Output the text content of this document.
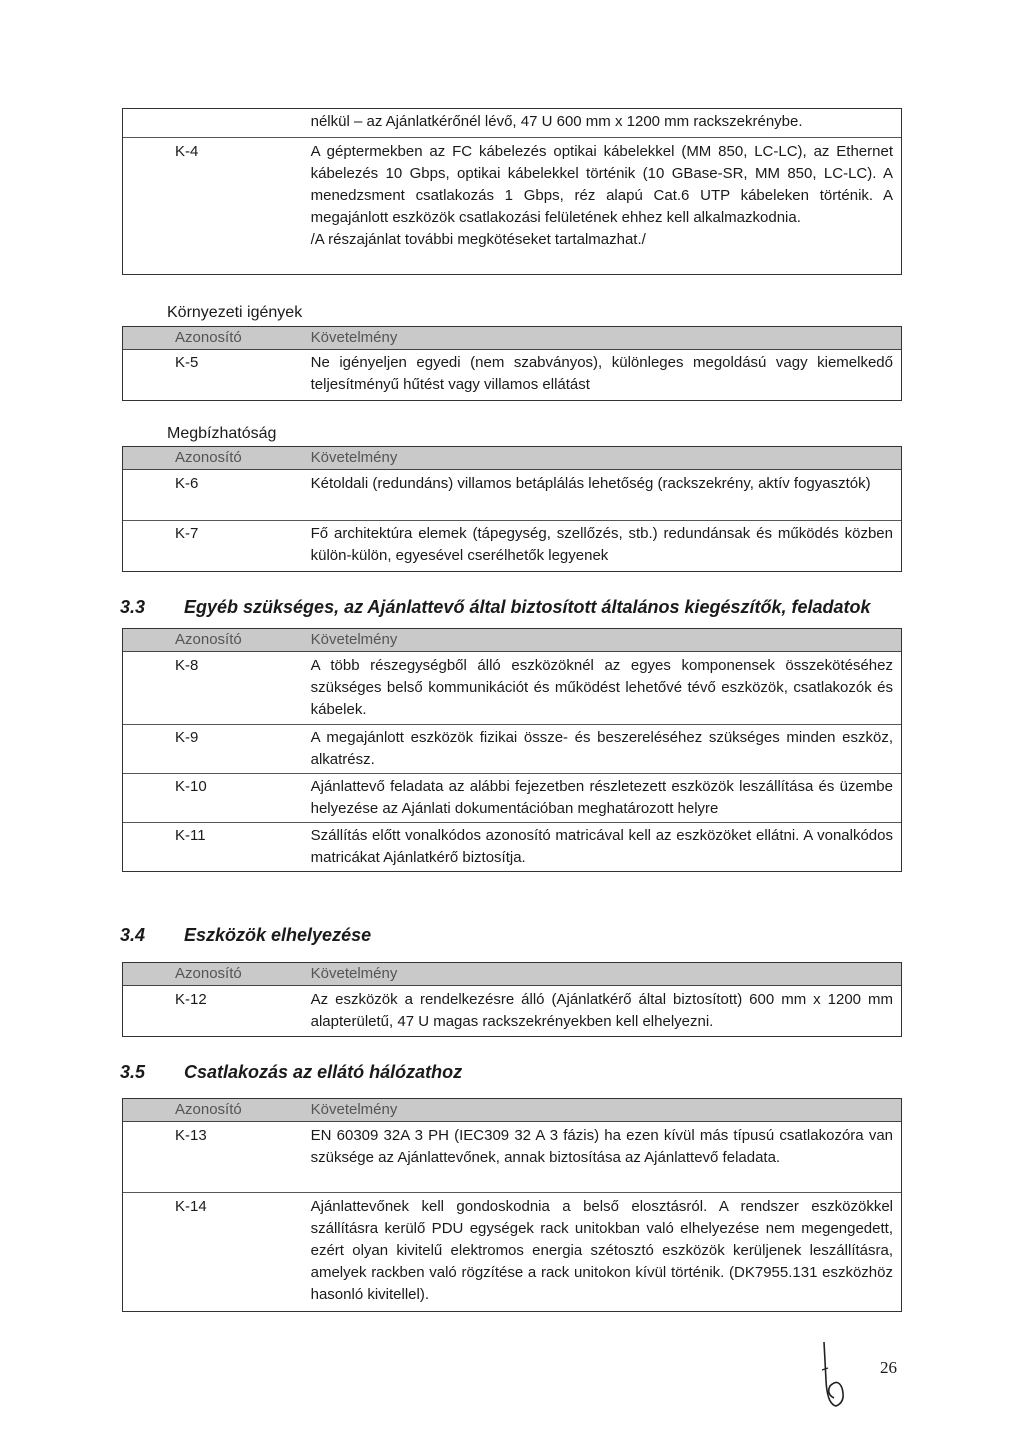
nélkül – az Ajánlatkérőnél lévő, 47 U 600 mm x 1200 mm rackszekrénybe.
K-4	A géptermekben az FC kábelezés optikai kábelekkel (MM 850, LC-LC), az Ethernet kábelezés 10 Gbps, optikai kábelekkel történik (10 GBase-SR, MM 850, LC-LC). A menedzsment csatlakozás 1 Gbps, réz alapú Cat.6 UTP kábeleken történik. A megajánlott eszközök csatlakozási felületének ehhez kell alkalmazkodnia.
/A részajánlat további megkötéseket tartalmazhat./
Környezeti igények
Azonosító	Követelmény
K-5	Ne igényeljen egyedi (nem szabványos), különleges megoldású vagy kiemelkedő teljesítményű hűtést vagy villamos ellátást
Megbízhatóság
Azonosító	Követelmény
K-6	Kétoldali (redundáns) villamos betáplálás lehetőség (rackszekrény, aktív fogyasztók)
K-7	Fő architektúra elemek (tápegység, szellőzés, stb.) redundánsak és működés közben külön-külön, egyesével cserélhetők legyenek
3.3 Egyéb szükséges, az Ajánlattevő által biztosított általános kiegészítők, feladatok
Azonosító	Követelmény
K-8	A több részegységből álló eszközöknél az egyes komponensek összekötéséhez szükséges belső kommunikációt és működést lehetővé tévő eszközök, csatlakozók és kábelek.
K-9	A megajánlott eszközök fizikai össze- és beszereléséhez szükséges minden eszköz, alkatrész.
K-10	Ajánlattevő feladata az alábbi fejezetben részletezett eszközök leszállítása és üzembe helyezése az Ajánlati dokumentációban meghatározott helyre
K-11	Szállítás előtt vonalkódos azonosító matricával kell az eszközöket ellátni. A vonalkódos matricákat Ajánlatkérő biztosítja.
3.4 Eszközök elhelyezése
Azonosító	Követelmény
K-12	Az eszközök a rendelkezésre álló (Ajánlatkérő által biztosított) 600 mm x 1200 mm alapterületű, 47 U magas rackszekrényekben kell elhelyezni.
3.5 Csatlakozás az ellátó hálózathoz
Azonosító	Követelmény
K-13	EN 60309 32A 3 PH (IEC309 32 A 3 fázis) ha ezen kívül más típusú csatlakozóra van szüksége az Ajánlattevőnek, annak biztosítása az Ajánlattevő feladata.
K-14	Ajánlattevőnek kell gondoskodnia a belső elosztásról. A rendszer eszközökkel szállításra kerülő PDU egységek rack unitokban való elhelyezése nem megengedett, ezért olyan kivitelű elektromos energia szétosztó eszközök kerüljenek leszállításra, amelyek rackben való rögzítése a rack unitokon kívül történik. (DK7955.131 eszközhöz hasonló kivitellel).
26
